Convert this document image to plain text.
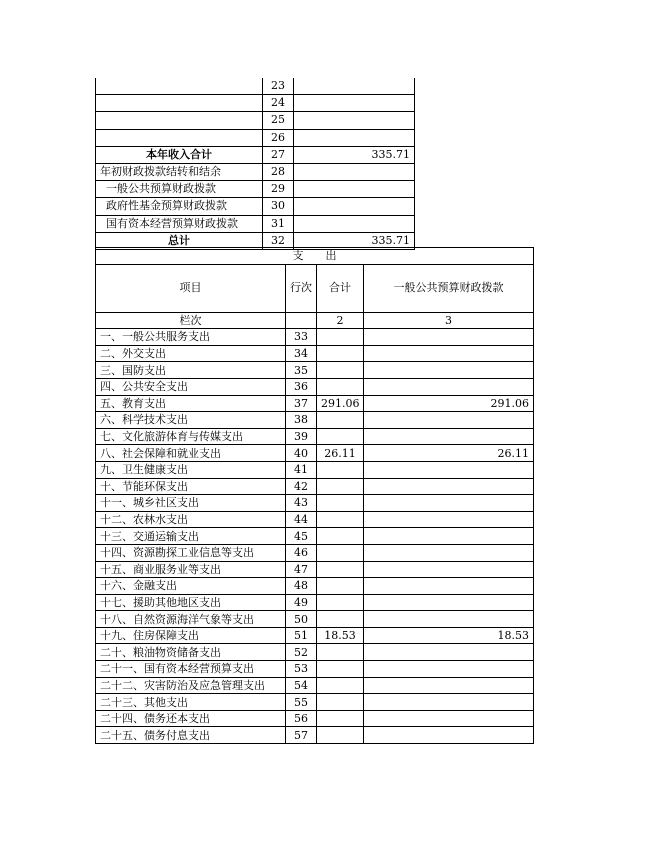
	23	
	24	
	25	
	26	
本年收入合计	27	335.71
年初财政拨款结转和结余	28	
一般公共预算财政拨款	29	
政府性基金预算财政拨款	30	
国有资本经营预算财政拨款	31	
总计	32	335.71
支　　出			
项目	行次	合计	一般公共预算财政拨款
栏次		2	3
一、一般公共服务支出	33		
二、外交支出	34		
三、国防支出	35		
四、公共安全支出	36		
五、教育支出	37	291.06	291.06
六、科学技术支出	38		
七、文化旅游体育与传媒支出	39		
八、社会保障和就业支出	40	26.11	26.11
九、卫生健康支出	41		
十、节能环保支出	42		
十一、城乡社区支出	43		
十二、农林水支出	44		
十三、交通运输支出	45		
十四、资源勘探工业信息等支出	46		
十五、商业服务业等支出	47		
十六、金融支出	48		
十七、援助其他地区支出	49		
十八、自然资源海洋气象等支出	50		
十九、住房保障支出	51	18.53	18.53
二十、粮油物资储备支出	52		
二十一、国有资本经营预算支出	53		
二十二、灾害防治及应急管理支出	54		
二十三、其他支出	55		
二十四、债务还本支出	56		
二十五、债务付息支出	57		
